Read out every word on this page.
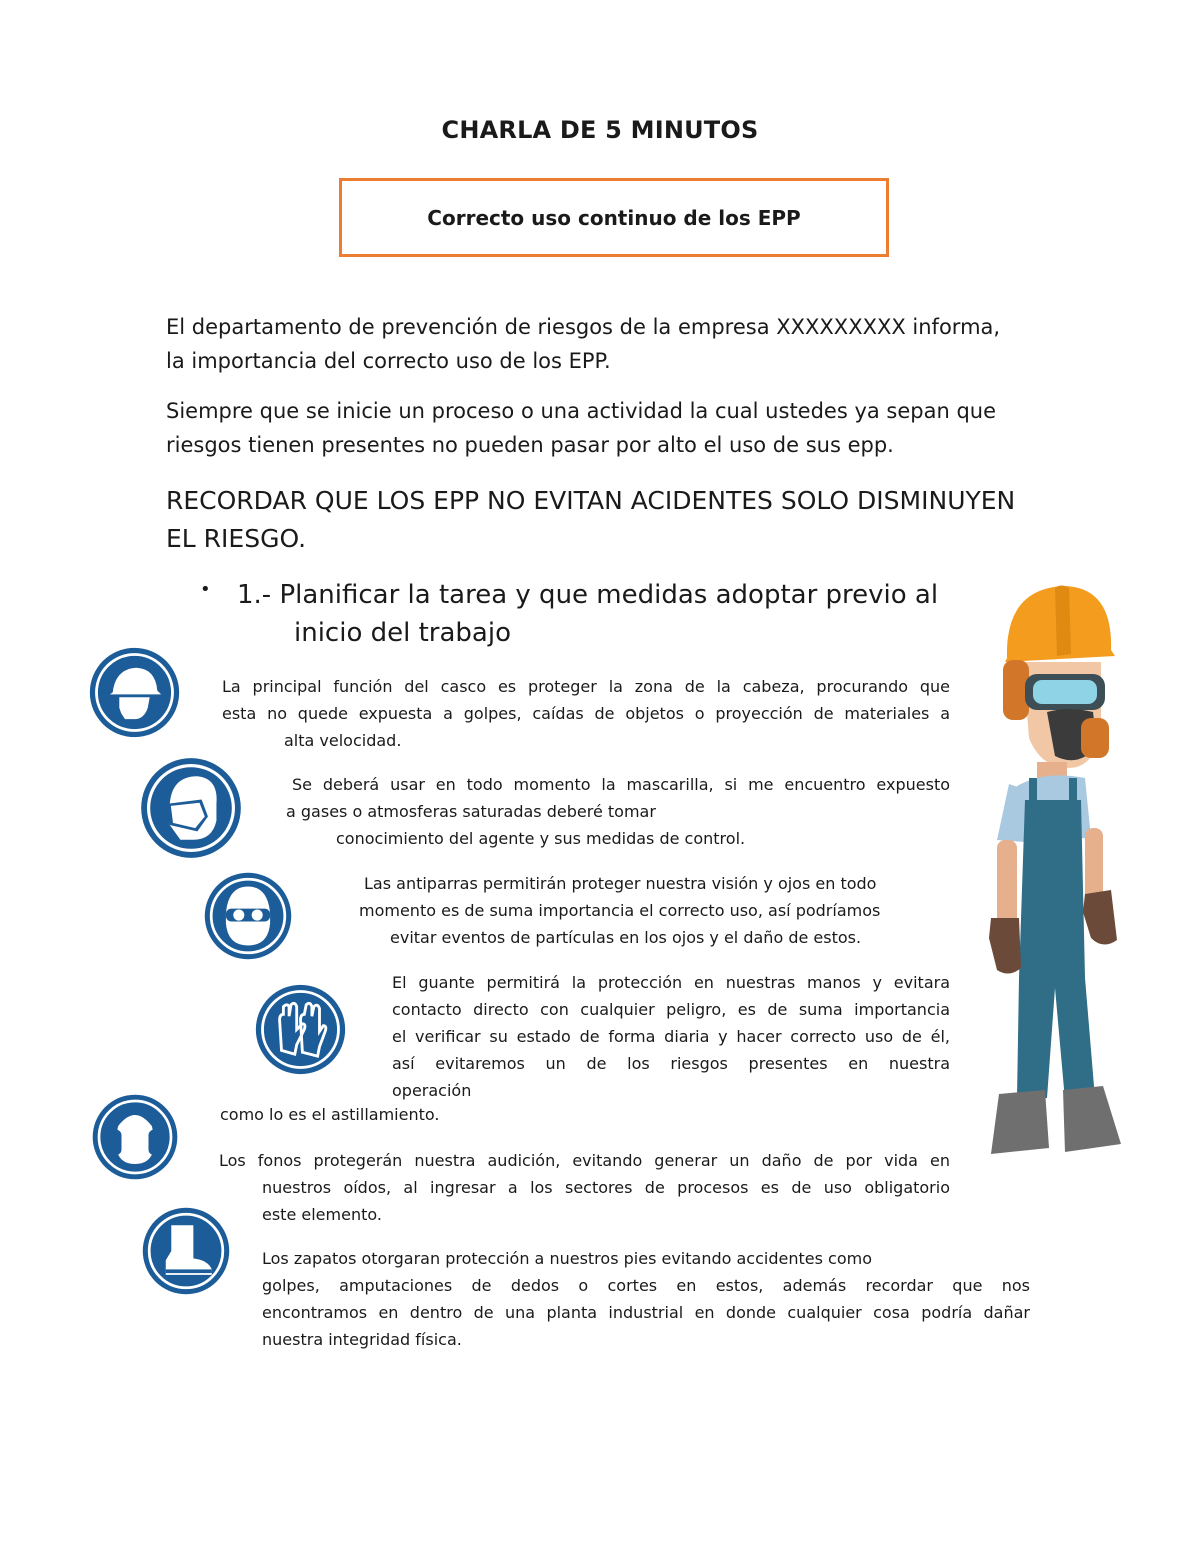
CHARLA DE 5 MINUTOS
Correcto uso continuo de los EPP
El departamento de prevención de riesgos de la empresa XXXXXXXXX informa,
la importancia del correcto uso de los EPP.
Siempre que se inicie un proceso o una actividad la cual ustedes ya sepan que
riesgos tienen presentes no pueden pasar por alto el uso de sus epp.
RECORDAR QUE LOS EPP NO EVITAN ACIDENTES SOLO DISMINUYEN
EL RIESGO.
• 1.- Planificar la tarea y que medidas adoptar previo al
inicio del trabajo
La principal función del casco es proteger la zona de la cabeza, procurando que
esta no quede expuesta a golpes, caídas de objetos o proyección de materiales a
alta velocidad.
Se deberá usar en todo momento la mascarilla, si me encuentro expuesto
a gases o atmosferas saturadas deberé tomar
conocimiento del agente y sus medidas de control.
Las antiparras permitirán proteger nuestra visión y ojos en todo
momento es de suma importancia el correcto uso, así podríamos
evitar eventos de partículas en los ojos y el daño de estos.
El guante permitirá la protección en nuestras manos y evitara
contacto directo con cualquier peligro, es de suma importancia
el verificar su estado de forma diaria y hacer correcto uso de él,
así evitaremos un de los riesgos presentes en nuestra
operación
como lo es el astillamiento.
Los fonos protegerán nuestra audición, evitando generar un daño de por vida en
nuestros oídos, al ingresar a los sectores de procesos es de uso obligatorio
este elemento.
Los zapatos otorgaran protección a nuestros pies evitando accidentes como
golpes, amputaciones de dedos o cortes en estos, además recordar que nos
encontramos en dentro de una planta industrial en donde cualquier cosa podría dañar
nuestra integridad física.
